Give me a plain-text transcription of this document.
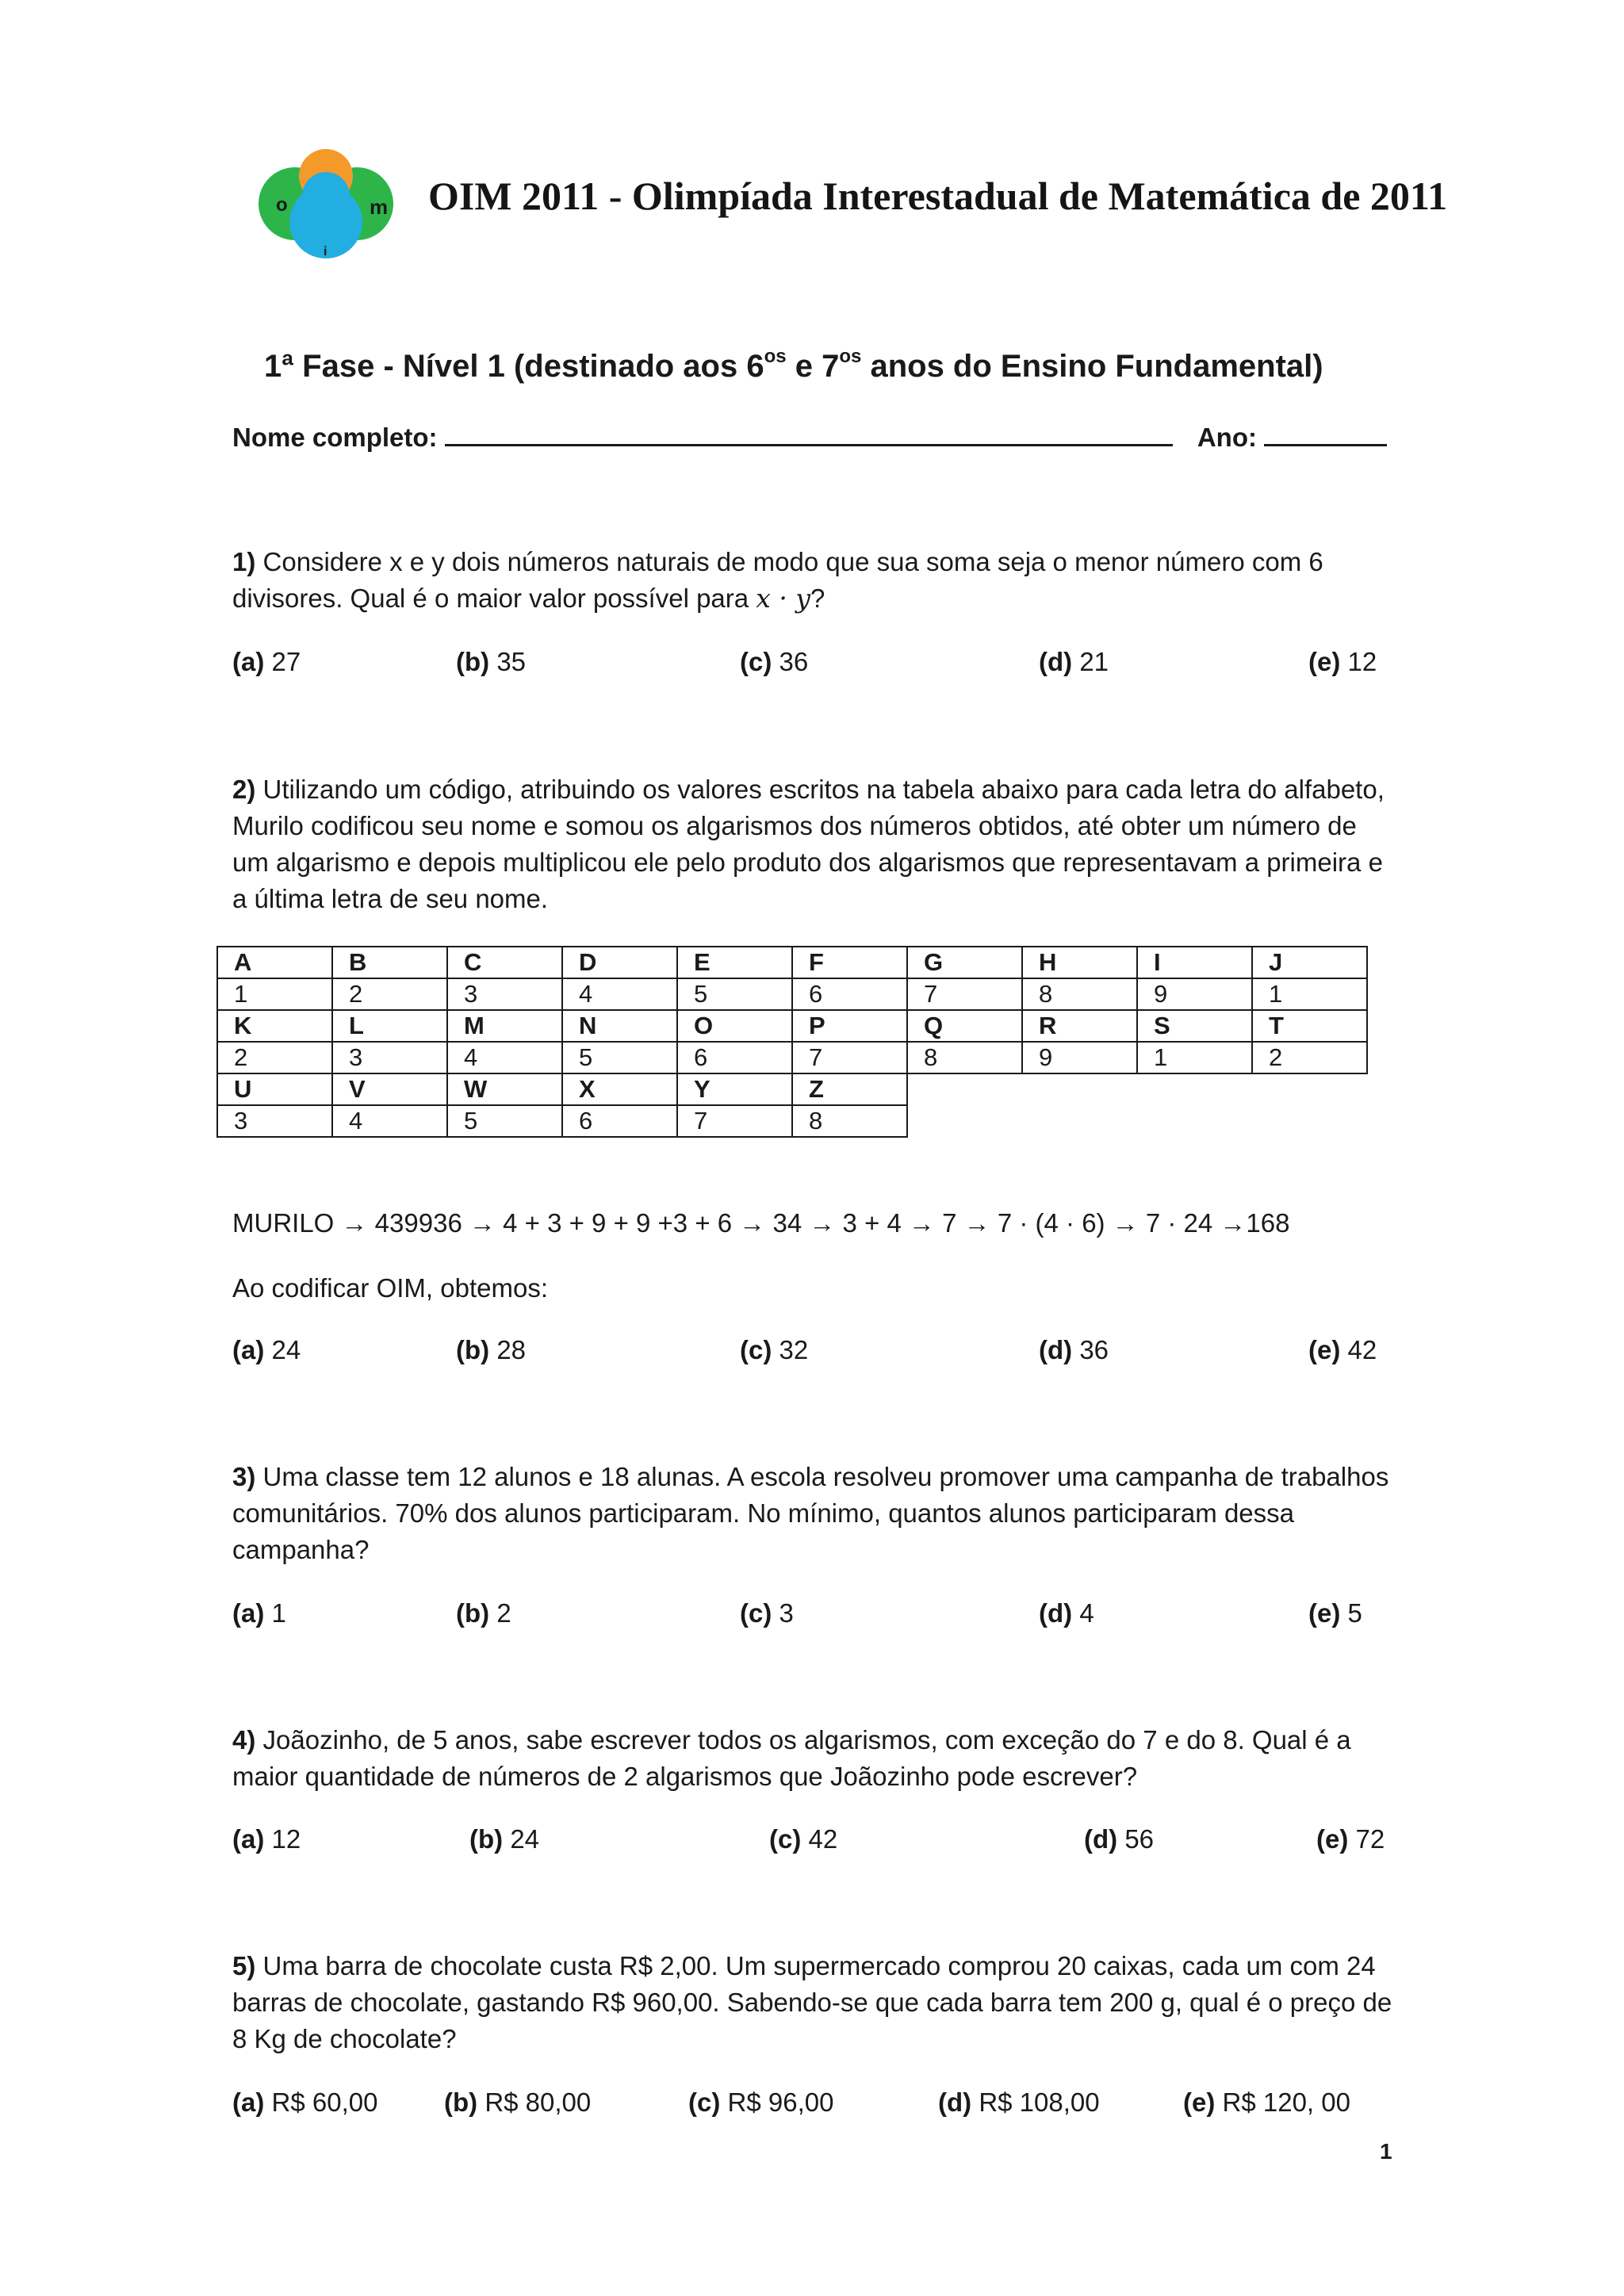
o
i
m OIM 2011 - Olimpíada Interestadual de Matemática de 2011
1ª Fase - Nível 1 (destinado aos $6^{os}$ e $7^{os}$ anos do Ensino Fundamental)
Nome completo:	Ano:
1) Considere x e y dois números naturais de modo que sua soma seja o menor número com 6 divisores. Qual é o maior valor possível para x · y?
(a) 27	(b) 35	(c) 36	(d) 21	(e) 12
2) Utilizando um código, atribuindo os valores escritos na tabela abaixo para cada letra do alfabeto, Murilo codificou seu nome e somou os algarismos dos números obtidos, até obter um número de um algarismo e depois multiplicou ele pelo produto dos algarismos que representavam a primeira e a última letra de seu nome.
A	B	C	D	E	F	G	H	I	J
1	2	3	4	5	6	7	8	9	1
K	L	M	N	O	P	Q	R	S	T
2	3	4	5	6	7	8	9	1	2
U	V	W	X	Y	Z				
3	4	5	6	7	8				
MURILO → 439936 → 4 + 3 + 9 + 9 +3 + 6 → 34 → 3 + 4 → 7 → 7 · (4 · 6) → 7 · 24 →168
Ao codificar OIM, obtemos:
(a) 24	(b) 28	(c) 32	(d) 36	(e) 42
3) Uma classe tem 12 alunos e 18 alunas. A escola resolveu promover uma campanha de trabalhos comunitários. 70% dos alunos participaram. No mínimo, quantos alunos participaram dessa campanha?
(a) 1	(b) 2	(c) 3	(d) 4	(e) 5
4) Joãozinho, de 5 anos, sabe escrever todos os algarismos, com exceção do 7 e do 8. Qual é a maior quantidade de números de 2 algarismos que Joãozinho pode escrever?
(a) 12	(b) 24	(c) 42	(d) 56	(e) 72
5) Uma barra de chocolate custa R$ 2,00. Um supermercado comprou 20 caixas, cada um com 24 barras de chocolate, gastando R$ 960,00. Sabendo-se que cada barra tem 200 g, qual é o preço de 8 Kg de chocolate?
(a) R$ 60,00	(b) R$ 80,00	(c) R$ 96,00	(d) R$ 108,00	(e) R$ 120, 00
1
